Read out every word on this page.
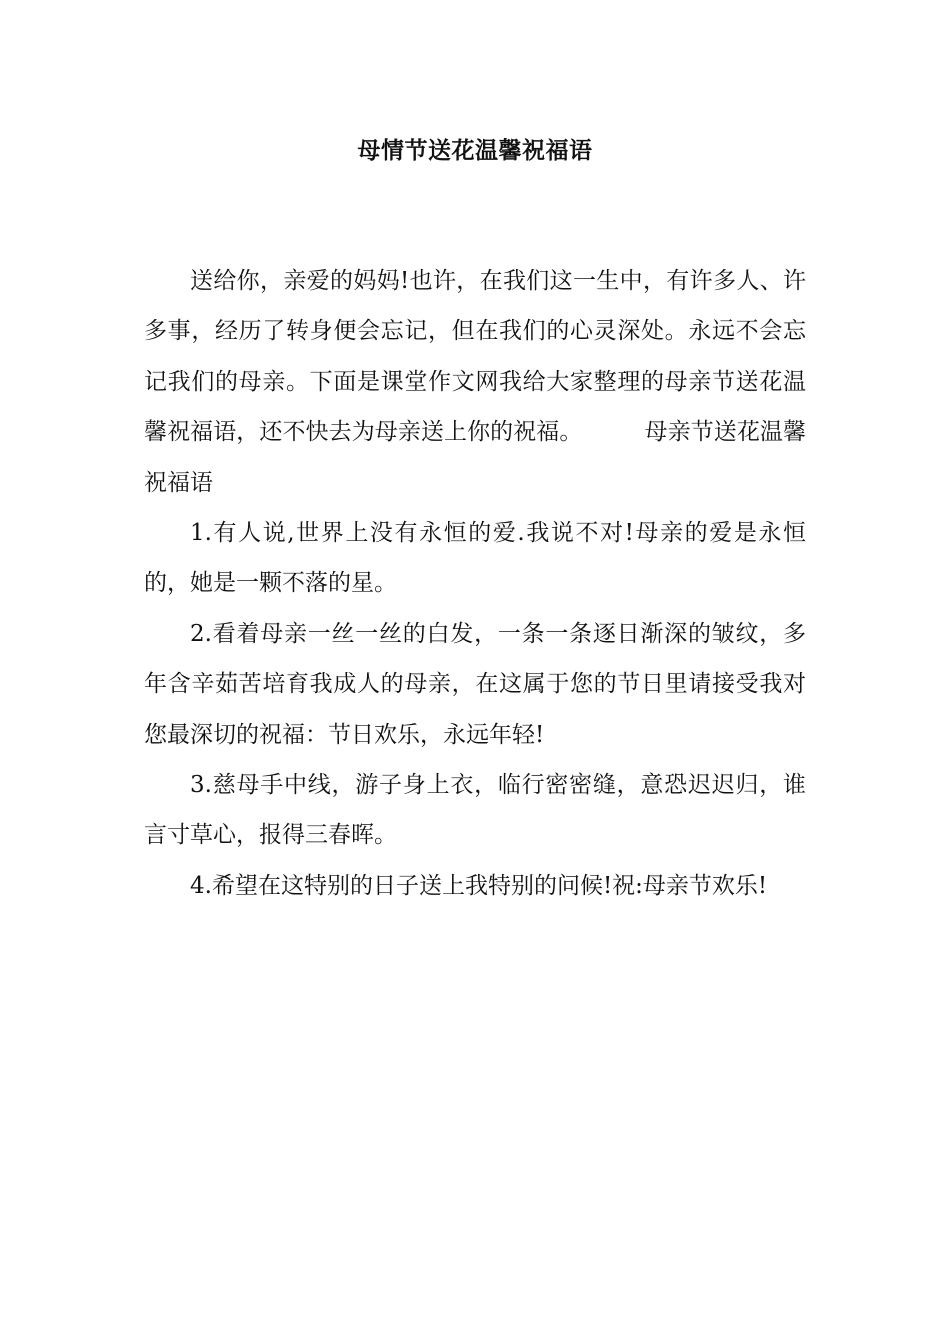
母情节送花温馨祝福语

送给你，亲爱的妈妈!也许，在我们这一生中，有许多人、许多事，经历了转身便会忘记，但在我们的心灵深处。永远不会忘记我们的母亲。下面是课堂作文网我给大家整理的母亲节送花温馨祝福语，还不快去为母亲送上你的祝福。	母亲节送花温馨祝福语

1.有人说,世界上没有永恒的爱.我说不对!母亲的爱是永恒的，她是一颗不落的星。

2.看着母亲一丝一丝的白发，一条一条逐日渐深的皱纹，多年含辛茹苦培育我成人的母亲，在这属于您的节日里请接受我对您最深切的祝福：节日欢乐，永远年轻!

3.慈母手中线，游子身上衣，临行密密缝，意恐迟迟归，谁言寸草心，报得三春晖。

4.希望在这特别的日子送上我特别的问候!祝:母亲节欢乐!
